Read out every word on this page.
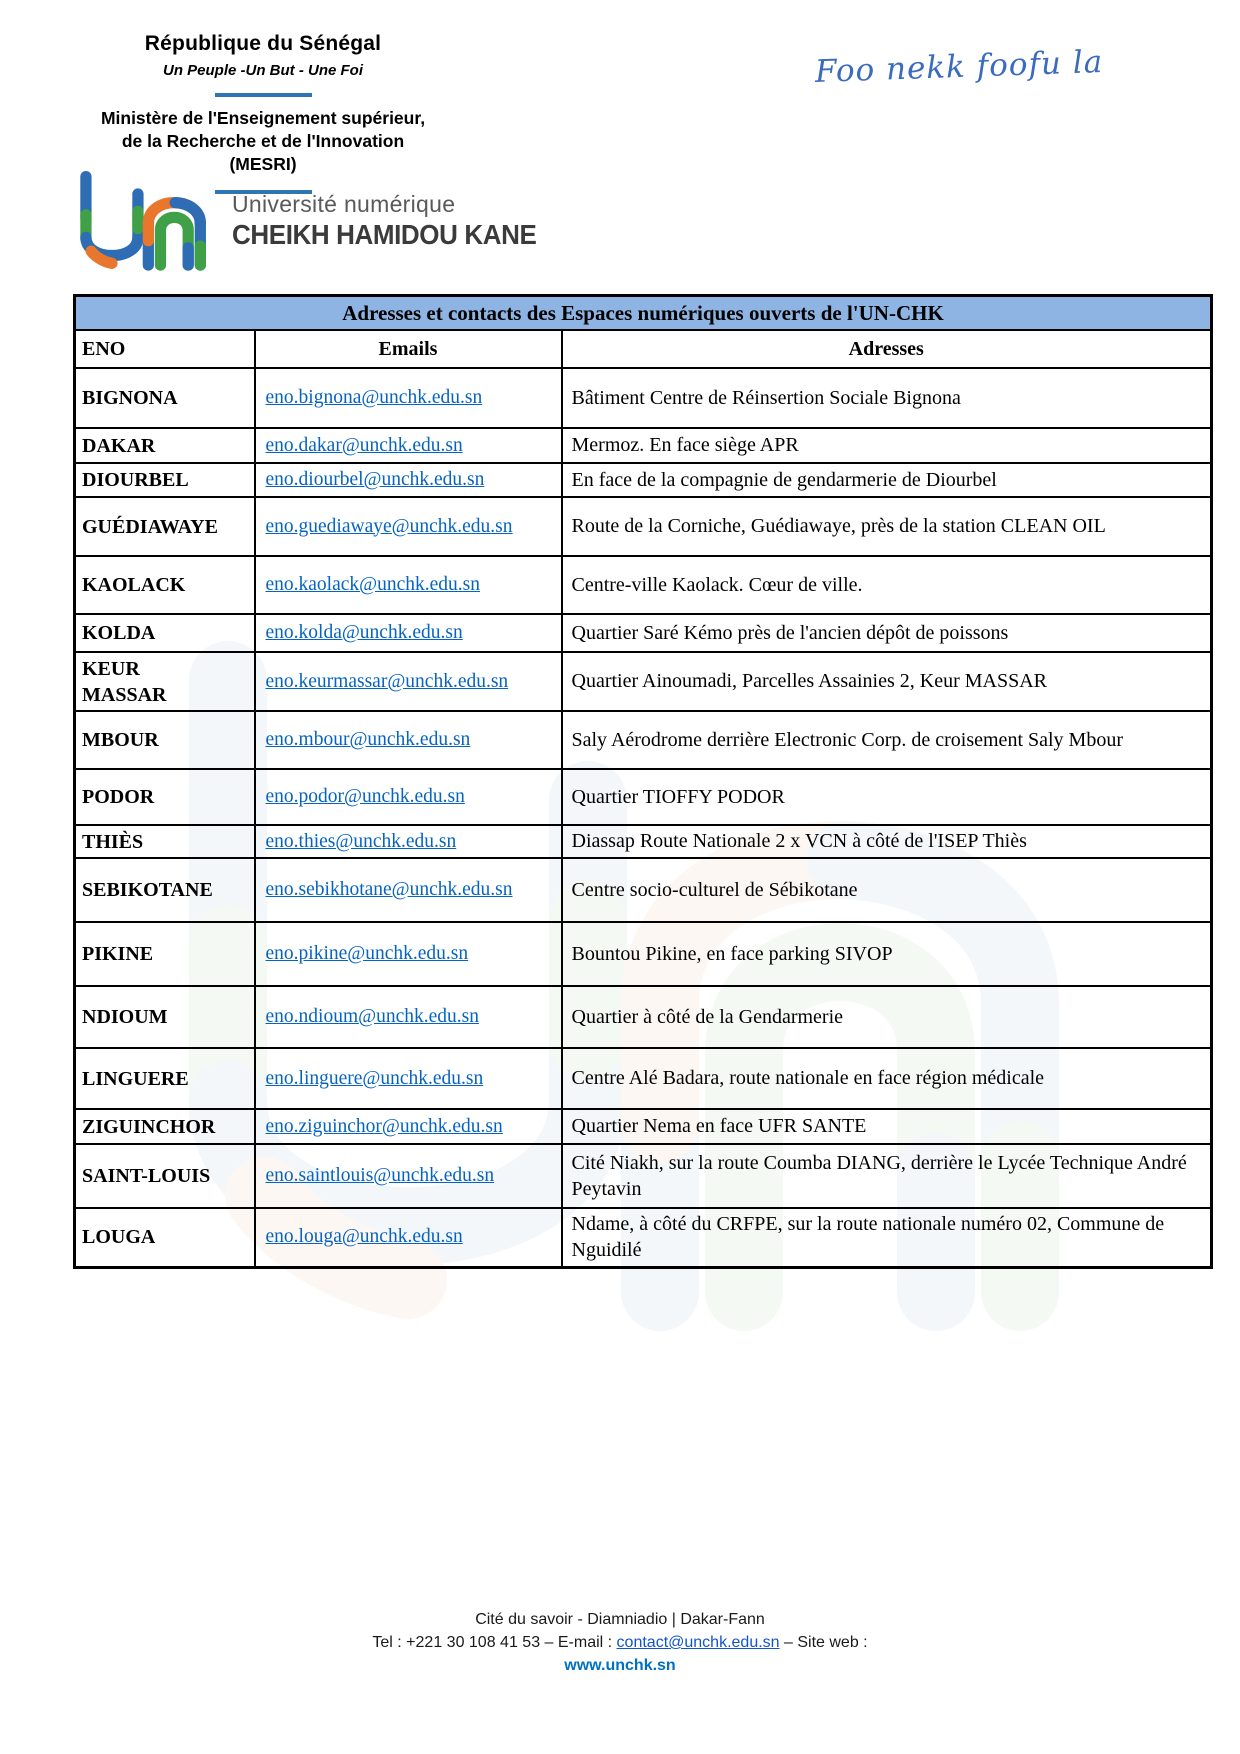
République du Sénégal
Un Peuple -Un But - Une Foi
Ministère de l'Enseignement supérieur,
de la Recherche et de l'Innovation (MESRI)
Foo nekk foofu la
Université numérique
CHEIKH HAMIDOU KANE
Adresses et contacts des Espaces numériques ouverts de l'UN-CHK		
ENO	Emails	Adresses
BIGNONA	eno.bignona@unchk.edu.sn	Bâtiment Centre de Réinsertion Sociale Bignona
DAKAR	eno.dakar@unchk.edu.sn	Mermoz. En face siège APR
DIOURBEL	eno.diourbel@unchk.edu.sn	En face de la compagnie de gendarmerie de Diourbel
GUÉDIAWAYE	eno.guediawaye@unchk.edu.sn	Route de la Corniche, Guédiawaye, près de la station CLEAN OIL
KAOLACK	eno.kaolack@unchk.edu.sn	Centre-ville Kaolack. Cœur de ville.
KOLDA	eno.kolda@unchk.edu.sn	Quartier Saré Kémo près de l'ancien dépôt de poissons
KEUR MASSAR	eno.keurmassar@unchk.edu.sn	Quartier Ainoumadi, Parcelles Assainies 2, Keur MASSAR
MBOUR	eno.mbour@unchk.edu.sn	Saly Aérodrome derrière Electronic Corp. de croisement Saly Mbour
PODOR	eno.podor@unchk.edu.sn	Quartier TIOFFY PODOR
THIÈS	eno.thies@unchk.edu.sn	Diassap Route Nationale 2 x VCN à côté de l'ISEP Thiès
SEBIKOTANE	eno.sebikhotane@unchk.edu.sn	Centre socio-culturel de Sébikotane
PIKINE	eno.pikine@unchk.edu.sn	Bountou Pikine, en face parking SIVOP
NDIOUM	eno.ndioum@unchk.edu.sn	Quartier à côté de la Gendarmerie
LINGUERE	eno.linguere@unchk.edu.sn	Centre Alé Badara, route nationale en face région médicale
ZIGUINCHOR	eno.ziguinchor@unchk.edu.sn	Quartier Nema en face UFR SANTE
SAINT-LOUIS	eno.saintlouis@unchk.edu.sn	Cité Niakh, sur la route Coumba DIANG, derrière le Lycée Technique André Peytavin
LOUGA	eno.louga@unchk.edu.sn	Ndame, à côté du CRFPE, sur la route nationale numéro 02, Commune de Nguidilé
Cité du savoir - Diamniadio | Dakar-Fann
Tel : +221 30 108 41 53 – E-mail : contact@unchk.edu.sn – Site web :
www.unchk.sn
